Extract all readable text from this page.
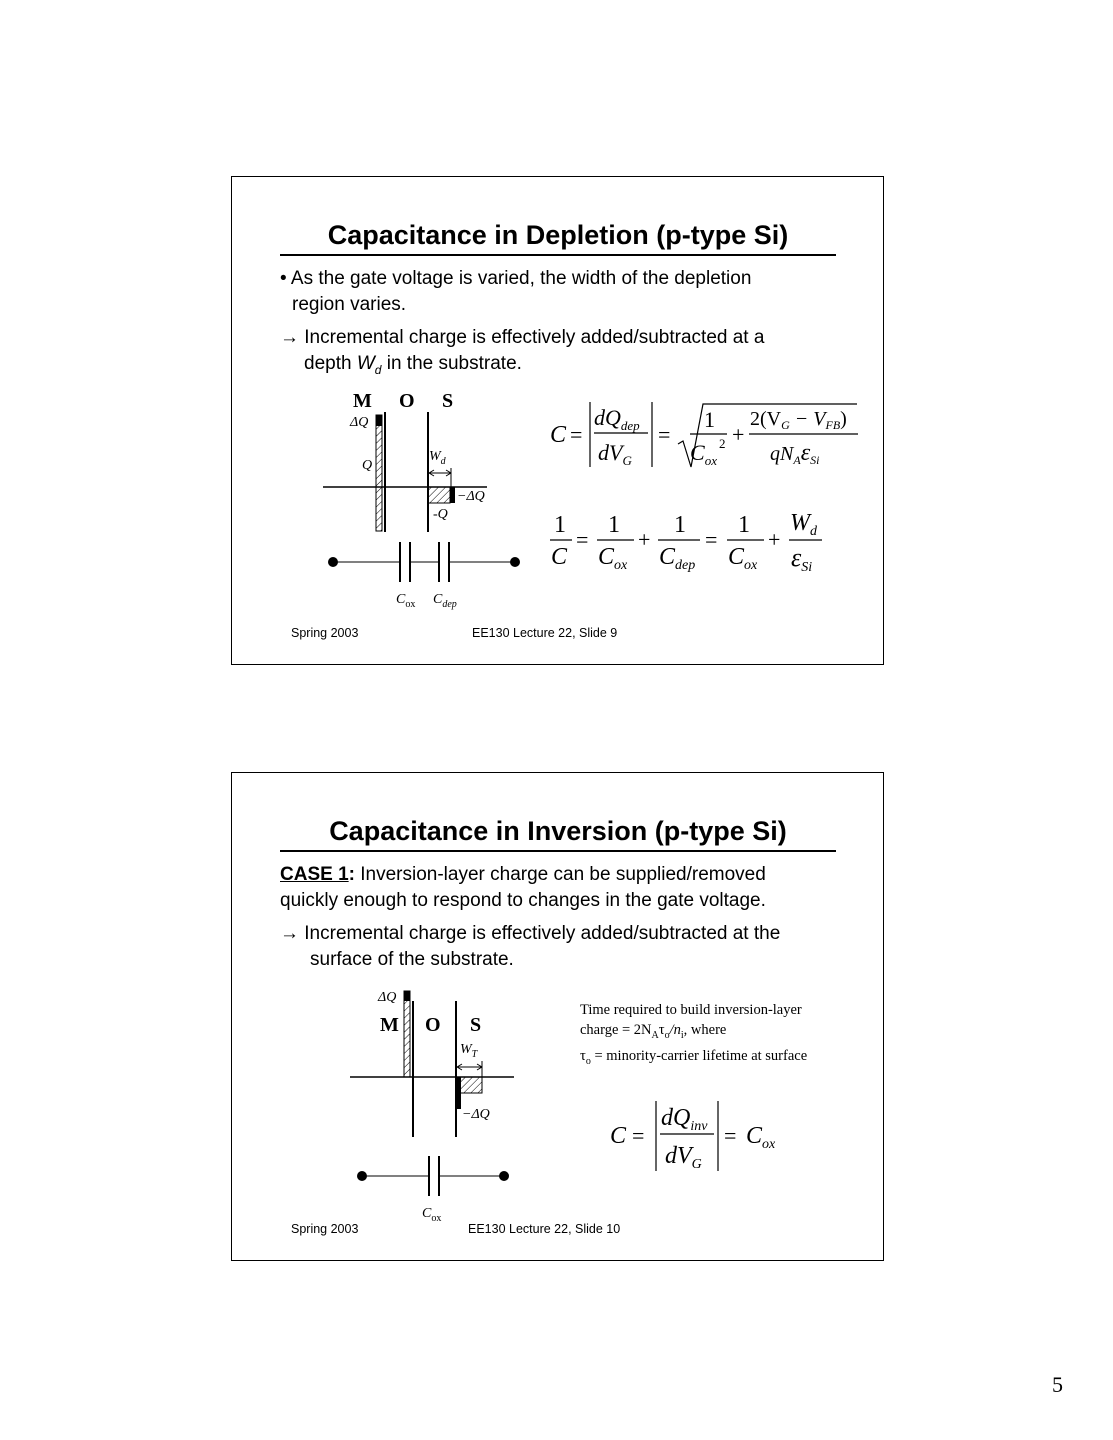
Capacitance in Depletion (p-type Si)
• As the gate voltage is varied, the width of the depletion
region varies.
→ Incremental charge is effectively added/subtracted at a
depth $W_d$ in the substrate.
M O S
ΔQ
Q
$W_d$
−ΔQ
-Q
$C_{ox}$ $C_{dep}$
C =
$dQ_{dep}$
$dV_G$
=
1
$C_{ox}^2$ +
$2(V_G - V_{FB})$
$qN_A\varepsilon_{Si}$
1
C
=
1
$C_{ox}$
+
1
$C_{dep}$
=
1
$C_{ox}$
+
$W_d$
εSi
Spring 2003	EE130 Lecture 22, Slide 9
Capacitance in Inversion (p-type Si)
CASE 1: Inversion-layer charge can be supplied/removed
quickly enough to respond to changes in the gate voltage.
→ Incremental charge is effectively added/subtracted at the
surface of the substrate.
ΔQ
M O S
$W_T$
−ΔQ
$C_{ox}$
Time required to build inversion-layer
charge = $2N_A\tau_o/n_i$, where
$\tau_o$ = minority-carrier lifetime at surface
C =
$dQ_{inv}$
$dV_G$
= $C_{ox}$
Spring 2003	EE130 Lecture 22, Slide 10
5
